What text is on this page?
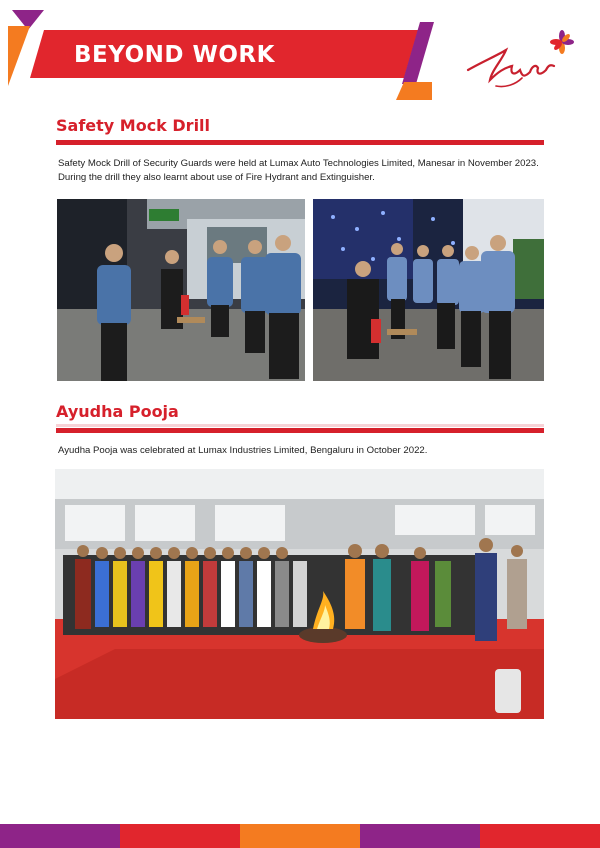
BEYOND WORK
Safety Mock Drill
Safety Mock Drill of Security Guards were held at Lumax Auto Technologies Limited, Manesar in November 2023. During the drill they also learnt about use of Fire Hydrant and Extinguisher.
Ayudha Pooja
Ayudha Pooja was celebrated at Lumax Industries Limited, Bengaluru in October 2022.
